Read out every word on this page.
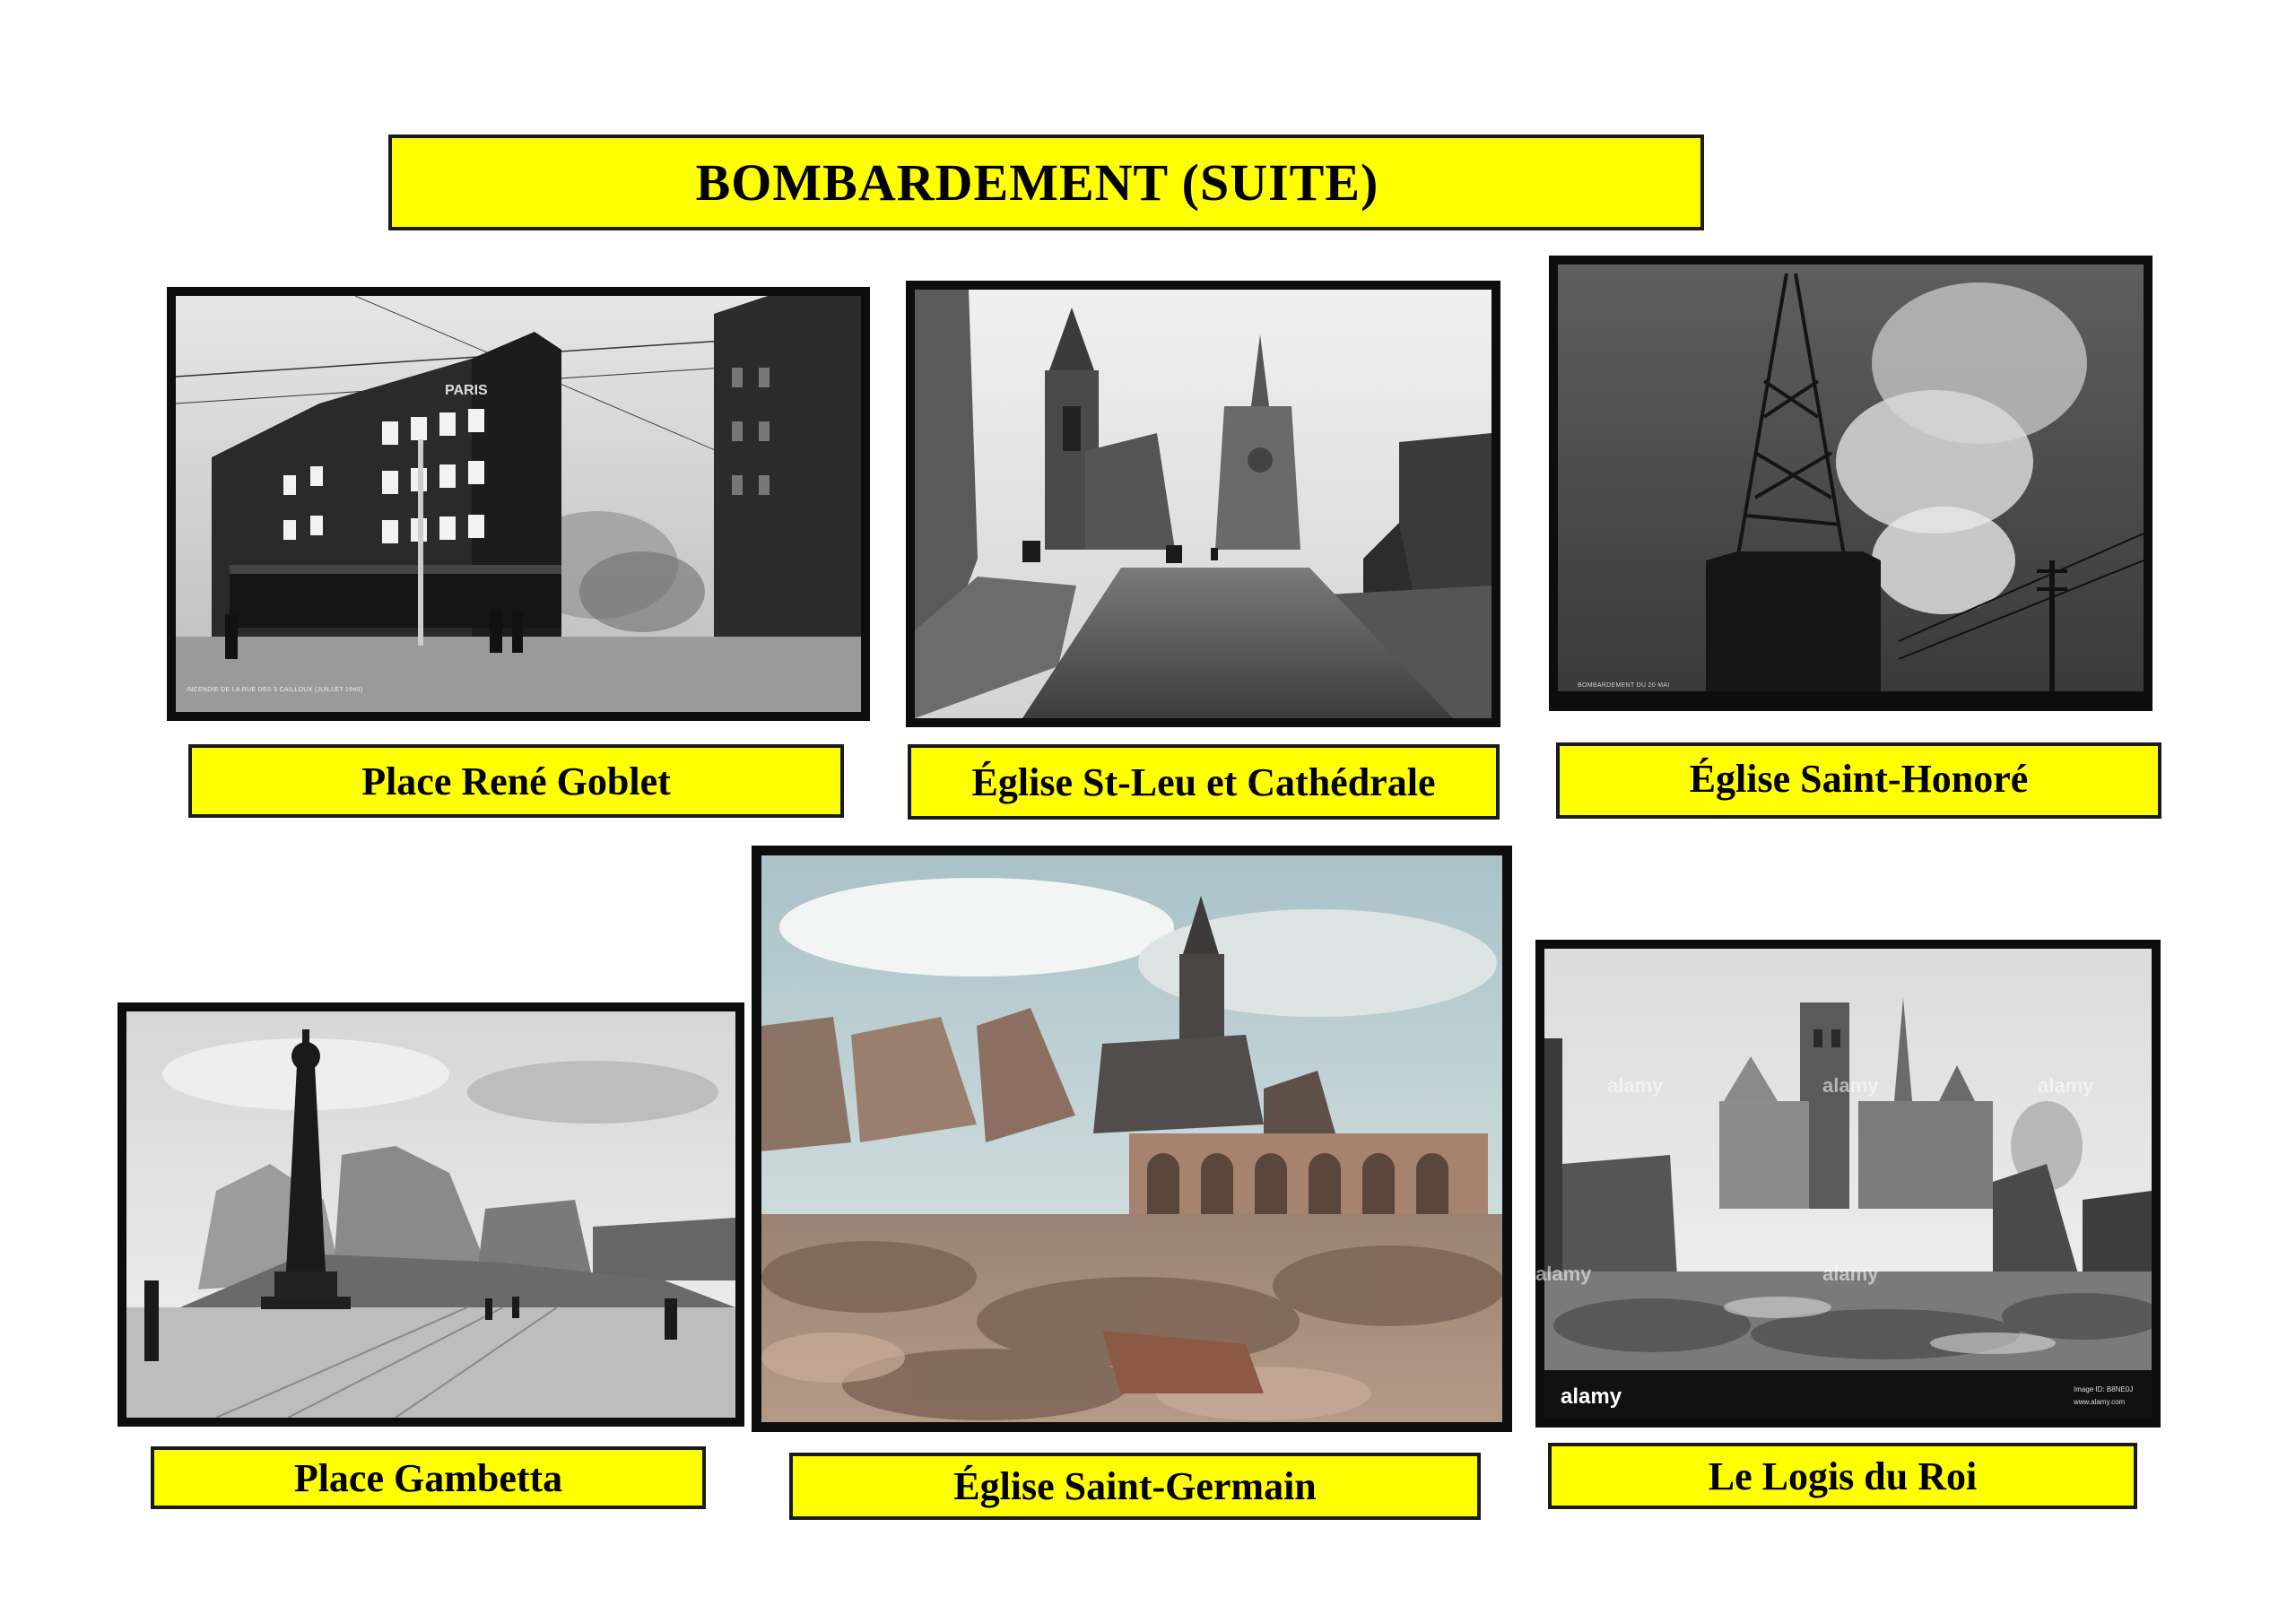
BOMBARDEMENT (SUITE)
PARIS
INCENDIE DE LA RUE DES 3 CAILLOUX (JUILLET 1940)
Place René Goblet	Église St-Leu et Cathédrale
BOMBARDEMENT DU 20 MAI
Église Saint-Honoré
Place Gambetta	Église Saint-Germain
alamy	alamy	alamy
alamy	alamy
alamy	Image ID: B8NE0J
www.alamy.com
Le Logis du Roi
